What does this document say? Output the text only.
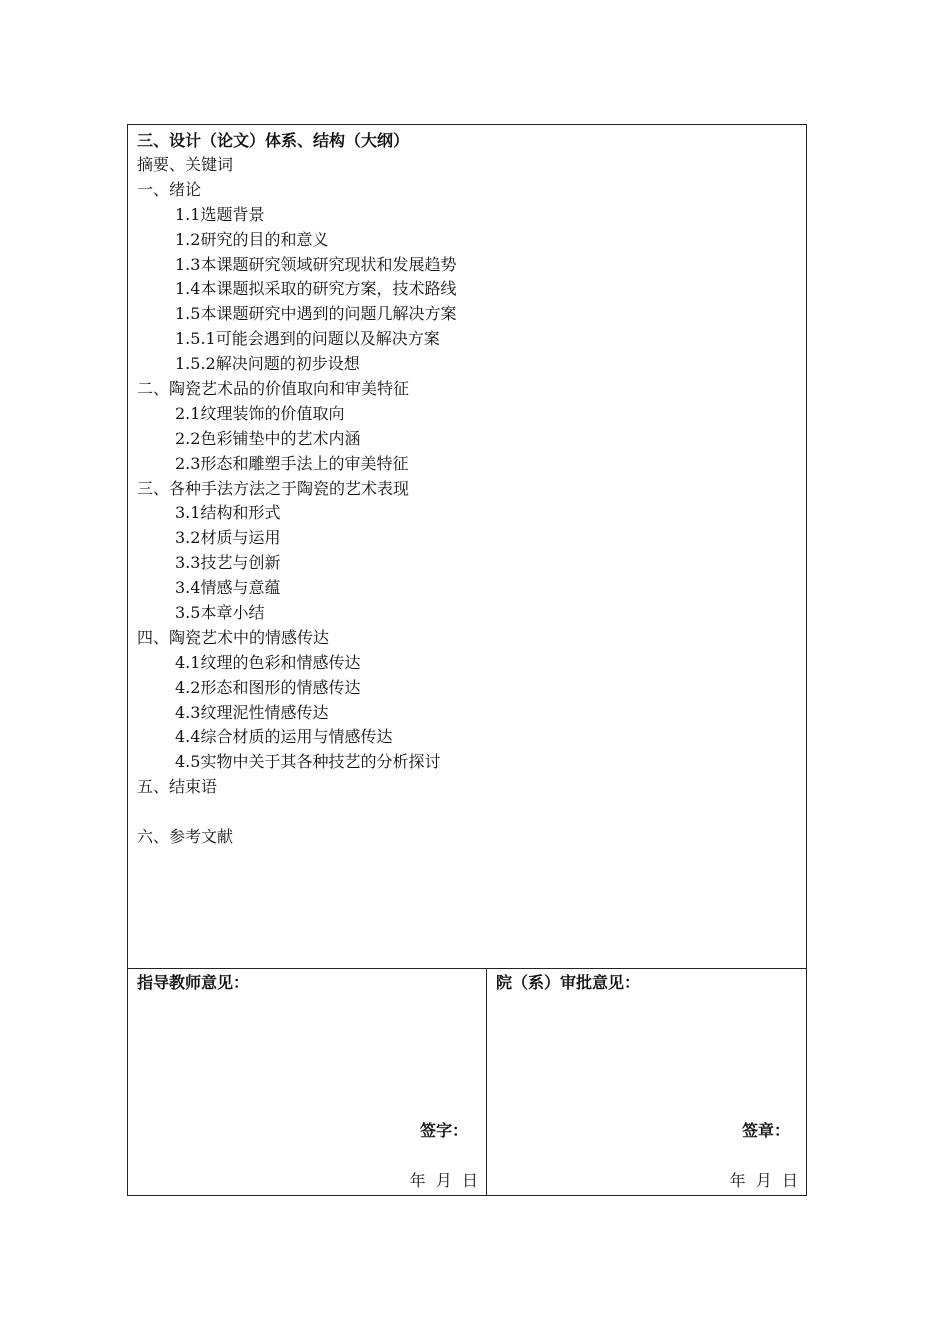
三、设计（论文）体系、结构（大纲）
摘要、关键词
一、绪论
1.1选题背景
1.2研究的目的和意义
1.3本课题研究领域研究现状和发展趋势
1.4本课题拟采取的研究方案，技术路线
1.5本课题研究中遇到的问题几解决方案
1.5.1可能会遇到的问题以及解决方案
1.5.2解决问题的初步设想
二、陶瓷艺术品的价值取向和审美特征
2.1纹理装饰的价值取向
2.2色彩铺垫中的艺术内涵
2.3形态和雕塑手法上的审美特征
三、各种手法方法之于陶瓷的艺术表现
3.1结构和形式
3.2材质与运用
3.3技艺与创新
3.4情感与意蕴
3.5本章小结
四、陶瓷艺术中的情感传达
4.1纹理的色彩和情感传达
4.2形态和图形的情感传达
4.3纹理泥性情感传达
4.4综合材质的运用与情感传达
4.5实物中关于其各种技艺的分析探讨
五、结束语
六、参考文献
指导教师意见：
签字：
年  月  日
院（系）审批意见：
签章：
年  月  日
